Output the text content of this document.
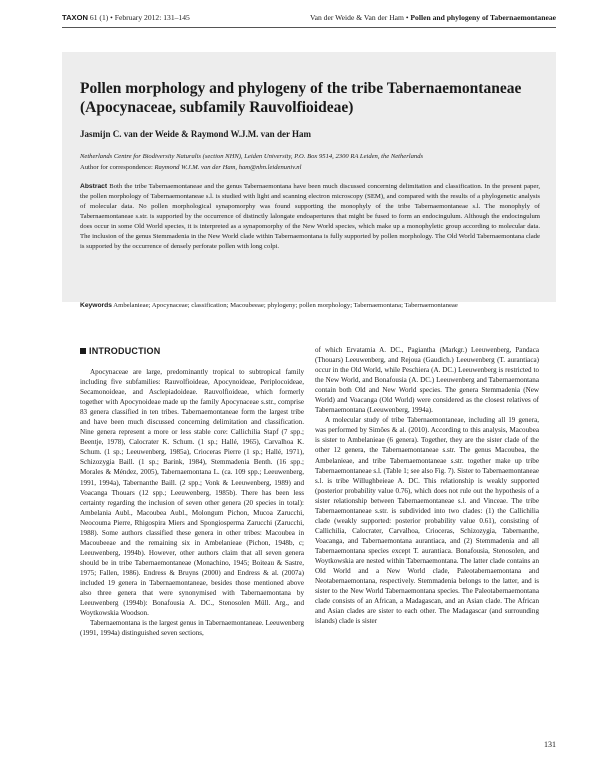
TAXON 61 (1) • February 2012: 131–145	Van der Weide & Van der Ham • Pollen and phylogeny of Tabernaemontaneae
Pollen morphology and phylogeny of the tribe Tabernaemontaneae
(Apocynaceae, subfamily Rauvolfioideae)
Jasmijn C. van der Weide & Raymond W.J.M. van der Ham
Netherlands Centre for Biodiversity Naturalis (section NHN), Leiden University, P.O. Box 9514, 2300 RA Leiden, the Netherlands
Author for correspondence: Raymond W.J.M. van der Ham, ham@nhn.leidenuniv.nl

Abstract Both the tribe Tabernaemontaneae and the genus Tabernaemontana have been much discussed concerning delimitation and classification. In the present paper, the pollen morphology of Tabernaemontaneae s.l. is studied with light and scanning electron microscopy (SEM), and compared with the results of a phylogenetic analysis of molecular data. No pollen morphological synapomorphy was found supporting the monophyly of the tribe Tabernaemontaneae s.l. The monophyly of Tabernaemontaneae s.str. is supported by the occurrence of distinctly lalongate endoapertures that might be fused to form an endocingulum. Although the endocingulum does occur in some Old World species, it is interpreted as a synapomorphy of the New World species, which make up a monophyletic group according to molecular data. The inclusion of the genus Stemmadenia in the New World clade within Tabernaemontana is fully supported by pollen morphology. The Old World Tabernaemontana clade is supported by the occurrence of densely perforate pollen with long colpi.

Keywords Ambelanieae; Apocynaceae; classification; Macoubeeae; phylogeny; pollen morphology; Tabernaemontana; Tabernaemontaneae

INTRODUCTION

Apocynaceae are large, predominantly tropical to subtropical family including five subfamilies: Rauvolfioideae, Apocynoideae, Periplocoideae, Secamonoideae, and Asclepiadoideae. Rauvolfioideae, which formerly together with Apocynoideae made up the family Apocynaceae s.str., comprise 83 genera classified in ten tribes. Tabernaemontaneae form the largest tribe and have been much discussed concerning delimitation and classification. Nine genera represent a more or less stable core: Callichilia Stapf (7 spp.; Beentje, 1978), Calocrater K. Schum. (1 sp.; Hallé, 1965), Carvalhoa K. Schum. (1 sp.; Leeuwenberg, 1985a), Crioceras Pierre (1 sp.; Hallé, 1971), Schizozygia Baill. (1 sp.; Barink, 1984), Stemmadenia Benth. (16 spp.; Morales & Méndez, 2005), Tabernaemontana L. (ca. 109 spp.; Leeuwenberg, 1991, 1994a), Tabernanthe Baill. (2 spp.; Vonk & Leeuwenberg, 1989) and Voacanga Thouars (12 spp.; Leeuwenberg, 1985b). There has been less certainty regarding the inclusion of seven other genera (20 species in total): Ambelania Aubl., Macoubea Aubl., Molongum Pichon, Mucoa Zarucchi, Neocouma Pierre, Rhigospira Miers and Spongiosperma Zarucchi (Zarucchi, 1988). Some authors classified these genera in other tribes: Macoubea in Macoubeeae and the remaining six in Ambelanieae (Pichon, 1948b, c; Leeuwenberg, 1994b). However, other authors claim that all seven genera should be in tribe Tabernaemontaneae (Monachino, 1945; Boiteau & Sastre, 1975; Fallen, 1986). Endress & Bruyns (2000) and Endress & al. (2007a) included 19 genera in Tabernaemontaneae, besides those mentioned above also three genera that were synonymised with Tabernaemontana by Leeuwenberg (1994b): Bonafousia A. DC., Stenosolen Müll. Arg., and Woytkowskia Woodson.

Tabernaemontana is the largest genus in Tabernaemontaneae. Leeuwenberg (1991, 1994a) distinguished seven sections,

of which Ervatamia A. DC., Pagiantha (Markgr.) Leeuwenberg, Pandaca (Thouars) Leeuwenberg, and Rejoua (Gaudich.) Leeuwenberg (T. aurantiaca) occur in the Old World, while Peschiera (A. DC.) Leeuwenberg is restricted to the New World, and Bonafousia (A. DC.) Leeuwenberg and Tabernaemontana contain both Old and New World species. The genera Stemmadenia (New World) and Voacanga (Old World) were considered as the closest relatives of Tabernaemontana (Leeuwenberg, 1994a).

A molecular study of tribe Tabernaemontaneae, including all 19 genera, was performed by Simões & al. (2010). According to this analysis, Macoubea is sister to Ambelanieae (6 genera). Together, they are the sister clade of the other 12 genera, the Tabernaemontaneae s.str. The genus Macoubea, the Ambelanieae, and tribe Tabernaemontaneae s.str. together make up tribe Tabernaemontaneae s.l. (Table 1; see also Fig. 7). Sister to Tabernaemontaneae s.l. is tribe Willughbeieae A. DC. This relationship is weakly supported (posterior probability value 0.76), which does not rule out the hypothesis of a sister relationship between Tabernaemontaneae s.l. and Vinceae. The tribe Tabernaemontaneae s.str. is subdivided into two clades: (1) the Callichilia clade (weakly supported: posterior probability value 0.61), consisting of Callichilia, Calocrater, Carvalhoa, Crioceras, Schizozygia, Tabernanthe, Voacanga, and Tabernaemontana aurantiaca, and (2) Stemmadenia and all Tabernaemontana species except T. aurantiaca. Bonafousia, Stenosolen, and Woytkowskia are nested within Tabernaemontana. The latter clade contains an Old World and a New World clade, Paleotabernaemontana and Neotabernaemontana, respectively. Stemmadenia belongs to the latter, and is sister to the New World Tabernaemontana species. The Paleotabernaemontana clade consists of an African, a Madagascan, and an Asian clade. The African and Asian clades are sister to each other. The Madagascar (and surrounding islands) clade is sister

131
